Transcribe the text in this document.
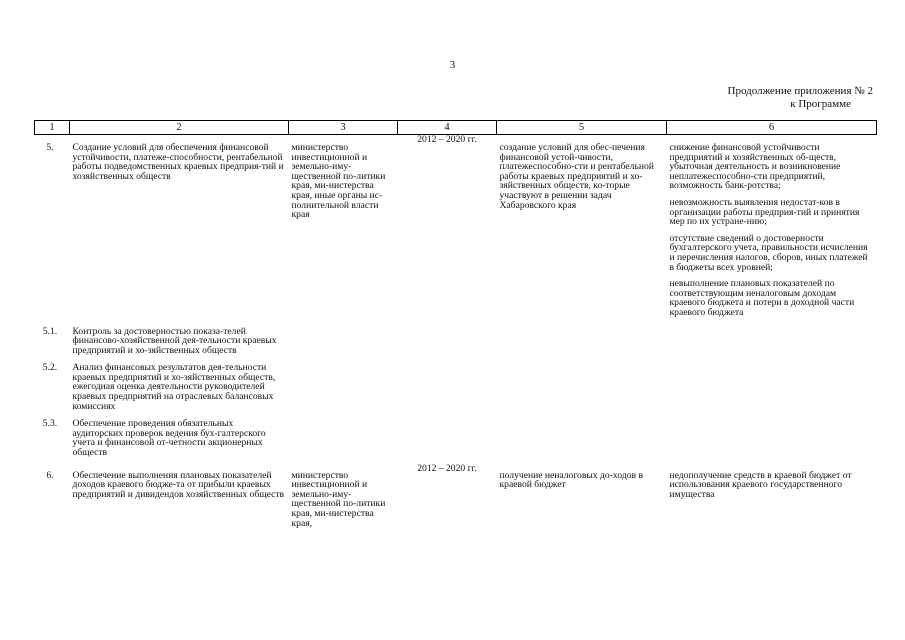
3
Продолжение приложения № 2
к Программе
1	2	3	4	5	6
5.	Создание условий для обеспечения финансовой устойчивости, платеже-способности, рентабельной работы подведомственных краевых предприя-тий и хозяйственных обществ	министерство инвестиционной и земельно-иму-щественной по-литики края, ми-нистерства края, иные органы ис-полнительной власти края	2012 – 2020 гг.	создание условий для обес-печения финансовой устой-чивости, платежеспособно-сти и рентабельной работы краевых предприятий и хо-зяйственных обществ, ко-торые участвуют в решении задач Хабаровского края	снижение финансовой устойчивости предприятий и хозяйственных об-ществ, убыточная деятельность и возникновение неплатежеспособно-сти предприятий, возможность банк-ротства;

невозможность выявления недостат-ков в организации работы предприя-тий и принятия мер по их устране-нию;

отсутствие сведений о достоверности бухгалтерского учета, правильности исчисления и перечисления налогов, сборов, иных платежей в бюджеты всех уровней;

невыполнение плановых показателей по соответствующим неналоговым доходам краевого бюджета и потери в доходной части краевого бюджета

5.1.	Контроль за достоверностью показа-телей финансово-хозяйственной дея-тельности краевых предприятий и хо-зяйственных обществ				
5.2.	Анализ финансовых результатов дея-тельности краевых предприятий и хо-зяйственных обществ, ежегодная оценка деятельности руководителей краевых предприятий на отраслевых балансовых комиссиях				
5.3.	Обеспечение проведения обязательных аудиторских проверок ведения бух-галтерского учета и финансовой от-четности акционерных обществ				
6.	Обеспечение выполнения плановых показателей доходов краевого бюдже-та от прибыли краевых предприятий и дивидендов хозяйственных обществ	министерство инвестиционной и земельно-иму-щественной по-литики края, ми-нистерства края,	2012 – 2020 гг.	получение неналоговых до-ходов в краевой бюджет	недополучение средств в краевой бюджет от использования краевого государственного имущества
